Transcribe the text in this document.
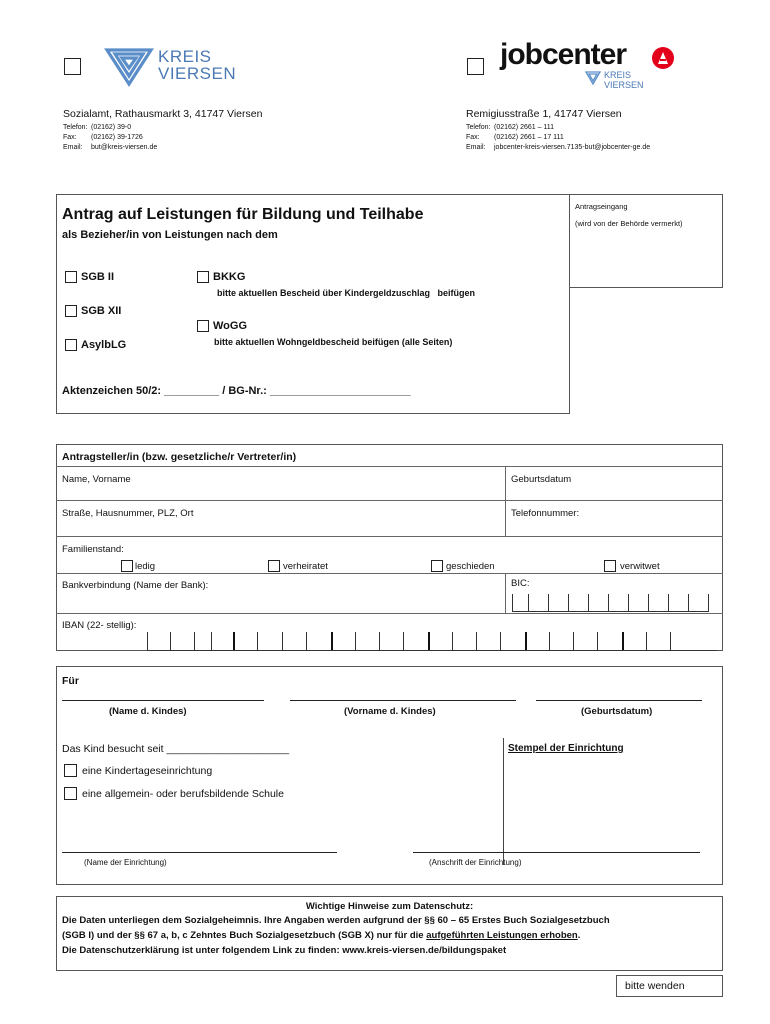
KREIS
VIERSEN
jobcenter
KREIS
VIERSEN
Sozialamt, Rathausmarkt 3, 41747 Viersen
Telefon: (02162) 39-0
Fax: (02162) 39-1726
Email: but@kreis-viersen.de
Remigiusstraße 1, 41747 Viersen
Telefon: (02162) 2661 – 111
Fax: (02162) 2661 – 17 111
Email: jobcenter-kreis-viersen.7135-but@jobcenter-ge.de
Antragseingang
(wird von der Behörde vermerkt)
Antrag auf Leistungen für Bildung und Teilhabe
als Bezieher/in von Leistungen nach dem
SGB II
SGB XII
AsylbLG
BKKG
bitte aktuellen Bescheid über Kindergeldzuschlag   beifügen
WoGG
bitte aktuellen Wohngeldbescheid beifügen (alle Seiten)
Aktenzeichen 50/2: _________ / BG-Nr.: _______________________
Antragsteller/in (bzw. gesetzliche/r Vertreter/in)
Name, Vorname	Geburtsdatum
Straße, Hausnummer, PLZ, Ort	Telefonnummer:
Familienstand:
ledig	verheiratet	geschieden	verwitwet
Bankverbindung (Name der Bank):	BIC:
IBAN (22- stellig):
Für
(Name d. Kindes)	(Vorname d. Kindes)	(Geburtsdatum)
Das Kind besucht seit _____________________	Stempel der Einrichtung
eine Kindertageseinrichtung
eine allgemein- oder berufsbildende Schule
(Name der Einrichtung)	(Anschrift der Einrichtung)
Wichtige Hinweise zum Datenschutz:
Die Daten unterliegen dem Sozialgeheimnis. Ihre Angaben werden aufgrund der §§ 60 – 65 Erstes Buch Sozialgesetzbuch
(SGB I) und der §§ 67 a, b, c Zehntes Buch Sozialgesetzbuch (SGB X) nur für die aufgeführten Leistungen erhoben.
Die Datenschutzerklärung ist unter folgendem Link zu finden: www.kreis-viersen.de/bildungspaket
bitte wenden
